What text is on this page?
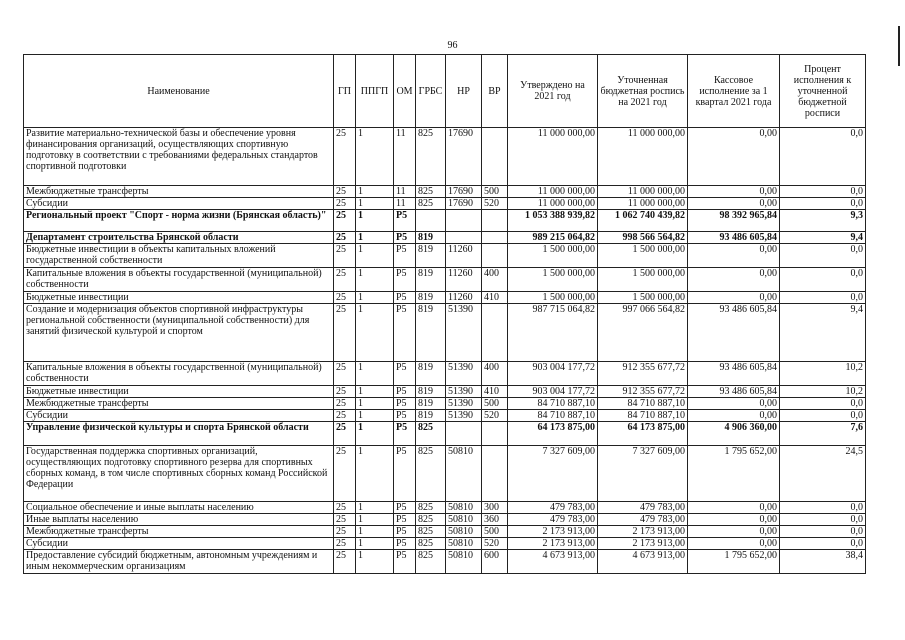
96
Наименование	ГП	ППГП	ОМ	ГРБС	НР	ВР	Утверждено на 2021 год	Уточненная бюджетная роспись на 2021 год	Кассовое исполнение за 1 квартал 2021 года	Процент исполнения к уточненной бюджетной росписи
Развитие материально-технической базы и обеспечение уровня финансирования организаций, осуществляющих спортивную подготовку в соответствии с требованиями федеральных стандартов спортивной подготовки	25	1	11	825	17690		11 000 000,00	11 000 000,00	0,00	0,0
Межбюджетные трансферты	25	1	11	825	17690	500	11 000 000,00	11 000 000,00	0,00	0,0
Субсидии	25	1	11	825	17690	520	11 000 000,00	11 000 000,00	0,00	0,0
Региональный проект "Спорт - норма жизни (Брянская область)"	25	1	P5				1 053 388 939,82	1 062 740 439,82	98 392 965,84	9,3
Департамент строительства Брянской области	25	1	P5	819			989 215 064,82	998 566 564,82	93 486 605,84	9,4
Бюджетные инвестиции в объекты капитальных вложений государственной собственности	25	1	P5	819	11260		1 500 000,00	1 500 000,00	0,00	0,0
Капитальные вложения в объекты государственной (муниципальной) собственности	25	1	P5	819	11260	400	1 500 000,00	1 500 000,00	0,00	0,0
Бюджетные инвестиции	25	1	P5	819	11260	410	1 500 000,00	1 500 000,00	0,00	0,0
Создание и модернизация объектов спортивной инфраструктуры региональной собственности (муниципальной собственности) для занятий физической культурой и спортом	25	1	P5	819	51390		987 715 064,82	997 066 564,82	93 486 605,84	9,4
Капитальные вложения в объекты государственной (муниципальной) собственности	25	1	P5	819	51390	400	903 004 177,72	912 355 677,72	93 486 605,84	10,2
Бюджетные инвестиции	25	1	P5	819	51390	410	903 004 177,72	912 355 677,72	93 486 605,84	10,2
Межбюджетные трансферты	25	1	P5	819	51390	500	84 710 887,10	84 710 887,10	0,00	0,0
Субсидии	25	1	P5	819	51390	520	84 710 887,10	84 710 887,10	0,00	0,0
Управление физической культуры и спорта Брянской области	25	1	P5	825			64 173 875,00	64 173 875,00	4 906 360,00	7,6
Государственная поддержка спортивных организаций, осуществляющих подготовку спортивного резерва для спортивных сборных команд, в том числе спортивных сборных команд Российской Федерации	25	1	P5	825	50810		7 327 609,00	7 327 609,00	1 795 652,00	24,5
Социальное обеспечение и иные выплаты населению	25	1	P5	825	50810	300	479 783,00	479 783,00	0,00	0,0
Иные выплаты населению	25	1	P5	825	50810	360	479 783,00	479 783,00	0,00	0,0
Межбюджетные трансферты	25	1	P5	825	50810	500	2 173 913,00	2 173 913,00	0,00	0,0
Субсидии	25	1	P5	825	50810	520	2 173 913,00	2 173 913,00	0,00	0,0
Предоставление субсидий бюджетным, автономным учреждениям и иным некоммерческим организациям	25	1	P5	825	50810	600	4 673 913,00	4 673 913,00	1 795 652,00	38,4
